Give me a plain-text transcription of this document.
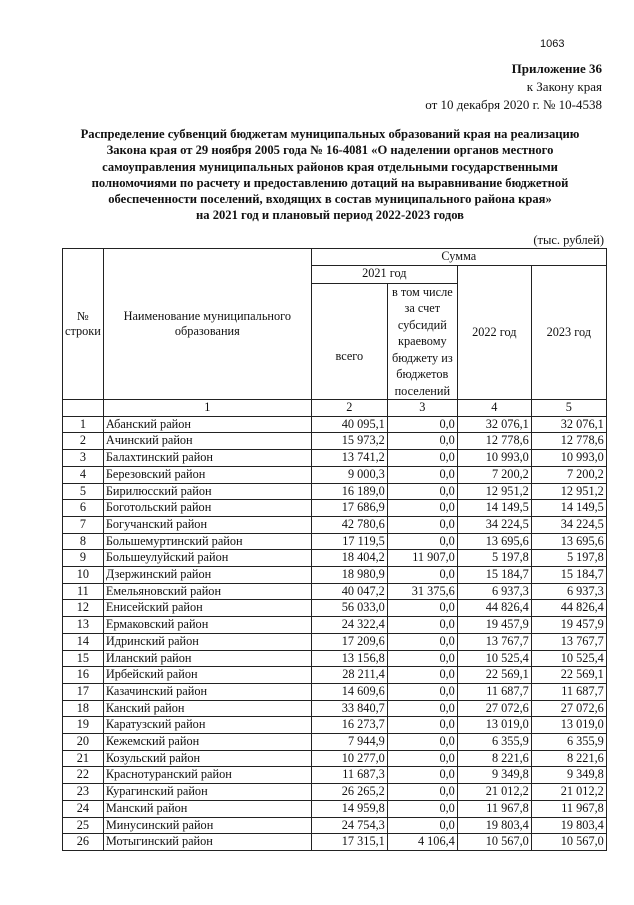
1063
Приложение 36
к Закону края
от 10 декабря 2020 г. № 10-4538
Распределение субвенций бюджетам муниципальных образований края на реализацию
Закона края от 29 ноября 2005 года № 16-4081 «О наделении органов местного
самоуправления муниципальных районов края отдельными государственными
полномочиями по расчету и предоставлению дотаций на выравнивание бюджетной
обеспеченности поселений, входящих в состав муниципального района края»
на 2021 год и плановый период 2022-2023 годов
(тыс. рублей)
№ строки	Наименование муниципального образования	Сумма			
		2021 год		2022 год	2023 год
		всего	в том числе за счет субсидий краевому бюджету из бюджетов поселений		
	1	2	3	4	5
1	Абанский район	40 095,1	0,0	32 076,1	32 076,1
2	Ачинский район	15 973,2	0,0	12 778,6	12 778,6
3	Балахтинский район	13 741,2	0,0	10 993,0	10 993,0
4	Березовский район	9 000,3	0,0	7 200,2	7 200,2
5	Бирилюсский район	16 189,0	0,0	12 951,2	12 951,2
6	Боготольский район	17 686,9	0,0	14 149,5	14 149,5
7	Богучанский район	42 780,6	0,0	34 224,5	34 224,5
8	Большемуртинский район	17 119,5	0,0	13 695,6	13 695,6
9	Большеулуйский район	18 404,2	11 907,0	5 197,8	5 197,8
10	Дзержинский район	18 980,9	0,0	15 184,7	15 184,7
11	Емельяновский район	40 047,2	31 375,6	6 937,3	6 937,3
12	Енисейский район	56 033,0	0,0	44 826,4	44 826,4
13	Ермаковский район	24 322,4	0,0	19 457,9	19 457,9
14	Идринский район	17 209,6	0,0	13 767,7	13 767,7
15	Иланский район	13 156,8	0,0	10 525,4	10 525,4
16	Ирбейский район	28 211,4	0,0	22 569,1	22 569,1
17	Казачинский район	14 609,6	0,0	11 687,7	11 687,7
18	Канский район	33 840,7	0,0	27 072,6	27 072,6
19	Каратузский район	16 273,7	0,0	13 019,0	13 019,0
20	Кежемский район	7 944,9	0,0	6 355,9	6 355,9
21	Козульский район	10 277,0	0,0	8 221,6	8 221,6
22	Краснотуранский район	11 687,3	0,0	9 349,8	9 349,8
23	Курагинский район	26 265,2	0,0	21 012,2	21 012,2
24	Манский район	14 959,8	0,0	11 967,8	11 967,8
25	Минусинский район	24 754,3	0,0	19 803,4	19 803,4
26	Мотыгинский район	17 315,1	4 106,4	10 567,0	10 567,0
